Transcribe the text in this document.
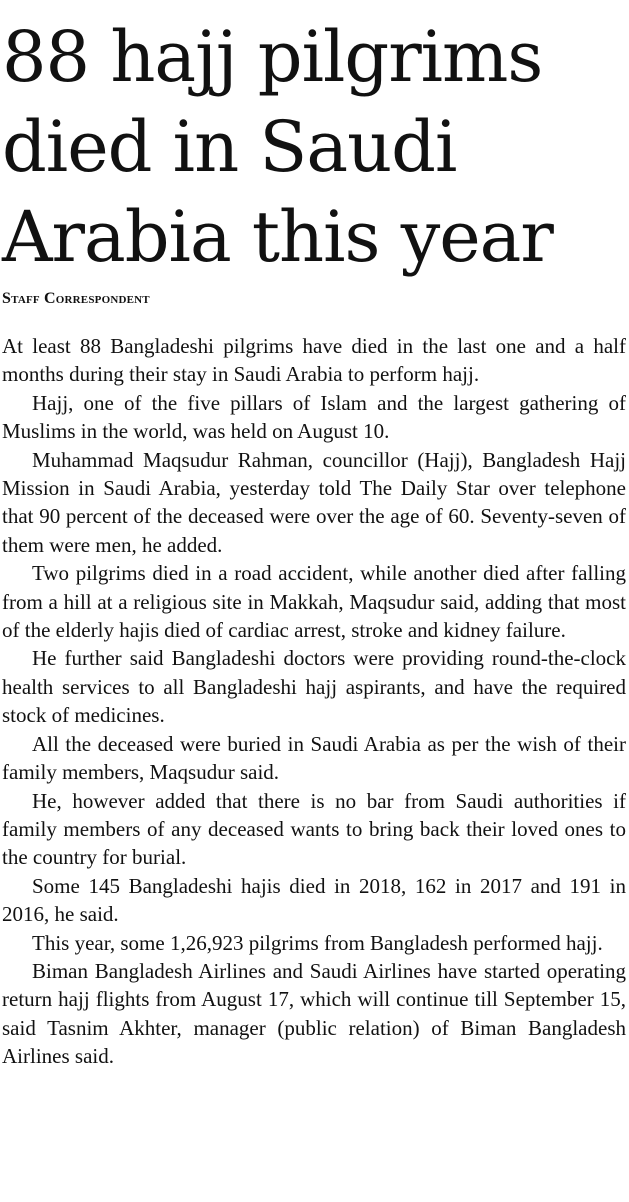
88 hajj pilgrims
died in Saudi
Arabia this year
Staff Correspondent

At least 88 Bangladeshi pilgrims have died in the last one and a half months during their stay in Saudi Arabia to perform hajj.

Hajj, one of the five pillars of Islam and the largest gathering of Muslims in the world, was held on August 10.

Muhammad Maqsudur Rahman, councillor (Hajj), Bangladesh Hajj Mission in Saudi Arabia, yesterday told The Daily Star over telephone that 90 percent of the deceased were over the age of 60. Seventy-seven of them were men, he added.

Two pilgrims died in a road accident, while another died after falling from a hill at a religious site in Makkah, Maqsudur said, adding that most of the elderly hajis died of cardiac arrest, stroke and kidney failure.

He further said Bangladeshi doctors were providing round-the-clock health services to all Bangladeshi hajj aspirants, and have the required stock of medicines.

All the deceased were buried in Saudi Arabia as per the wish of their family members, Maqsudur said.

He, however added that there is no bar from Saudi authorities if family members of any deceased wants to bring back their loved ones to the country for burial.

Some 145 Bangladeshi hajis died in 2018, 162 in 2017 and 191 in 2016, he said.

This year, some 1,26,923 pilgrims from Bangladesh performed hajj.

Biman Bangladesh Airlines and Saudi Airlines have started operating return hajj flights from August 17, which will continue till September 15, said Tasnim Akhter, manager (public relation) of Biman Bangladesh Airlines said.
